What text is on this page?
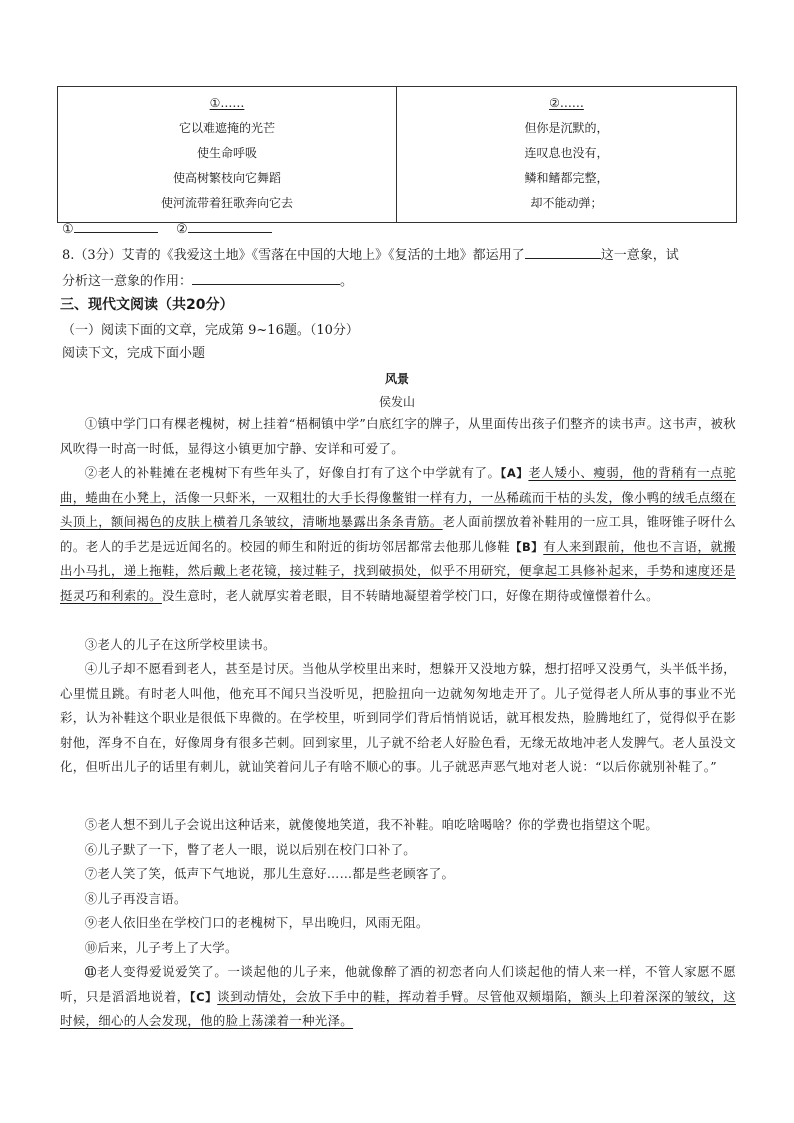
①……
它以难遮掩的光芒
使生命呼吸
使高树繁枝向它舞蹈
使河流带着狂歌奔向它去

②……
但你是沉默的，
连叹息也没有，
鳞和鳍都完整，
却不能动弹；
①	②
8.（3分）艾青的《我爱这土地》《雪落在中国的大地上》《复活的土地》都运用了	这一意象，试
分析这一意象的作用：	。
三、现代文阅读（共20分）
（一）阅读下面的文章，完成第 9~16题。（10分）
阅读下文，完成下面小题
风景
侯发山
①镇中学门口有棵老槐树，树上挂着“梧桐镇中学”白底红字的牌子，从里面传出孩子们整齐的读书声。这书声，被秋风吹得一时高一时低，显得这小镇更加宁静、安详和可爱了。
②老人的补鞋摊在老槐树下有些年头了，好像自打有了这个中学就有了。【A】老人矮小、瘦弱，他的背稍有一点驼曲，蜷曲在小凳上，活像一只虾米，一双粗壮的大手长得像鳖钳一样有力，一丛稀疏而干枯的头发，像小鸭的绒毛点缀在头顶上，额间褐色的皮肤上横着几条皱纹，清晰地暴露出条条青筋。老人面前摆放着补鞋用的一应工具，锥呀锥子呀什么的。老人的手艺是远近闻名的。校园的师生和附近的街坊邻居都常去他那儿修鞋【B】有人来到跟前，他也不言语，就搬出小马扎，递上拖鞋，然后戴上老花镜，接过鞋子，找到破损处，似乎不用研究，便拿起工具修补起来，手势和速度还是挺灵巧和利索的。没生意时，老人就厚实着老眼，目不转睛地凝望着学校门口，好像在期待或憧憬着什么。
③老人的儿子在这所学校里读书。
④儿子却不愿看到老人，甚至是讨厌。当他从学校里出来时，想躲开又没地方躲，想打招呼又没勇气，头半低半扬，心里慌且跳。有时老人叫他，他充耳不闻只当没听见，把脸扭向一边就匆匆地走开了。儿子觉得老人所从事的事业不光彩，认为补鞋这个职业是很低下卑微的。在学校里，听到同学们背后悄悄说话，就耳根发热，脸腾地红了，觉得似乎在影射他，浑身不自在，好像周身有很多芒刺。回到家里，儿子就不给老人好脸色看，无缘无故地冲老人发脾气。老人虽没文化，但听出儿子的话里有刺儿，就讪笑着问儿子有啥不顺心的事。儿子就恶声恶气地对老人说：“以后你就别补鞋了。”
⑤老人想不到儿子会说出这种话来，就傻傻地笑道，我不补鞋。咱吃啥喝啥？你的学费也指望这个呢。
⑥儿子默了一下，瞥了老人一眼，说以后别在校门口补了。
⑦老人笑了笑，低声下气地说，那儿生意好……都是些老顾客了。
⑧儿子再没言语。
⑨老人依旧坐在学校门口的老槐树下，早出晚归，风雨无阻。
⑩后来，儿子考上了大学。
⑪老人变得爱说爱笑了。一谈起他的儿子来，他就像醉了酒的初恋者向人们谈起他的情人来一样，不管人家愿不愿听，只是滔滔地说着，【C】谈到动情处，会放下手中的鞋，挥动着手臂。尽管他双颊塌陷，额头上印着深深的皱纹，这时候，细心的人会发现，他的脸上荡漾着一种光泽。
